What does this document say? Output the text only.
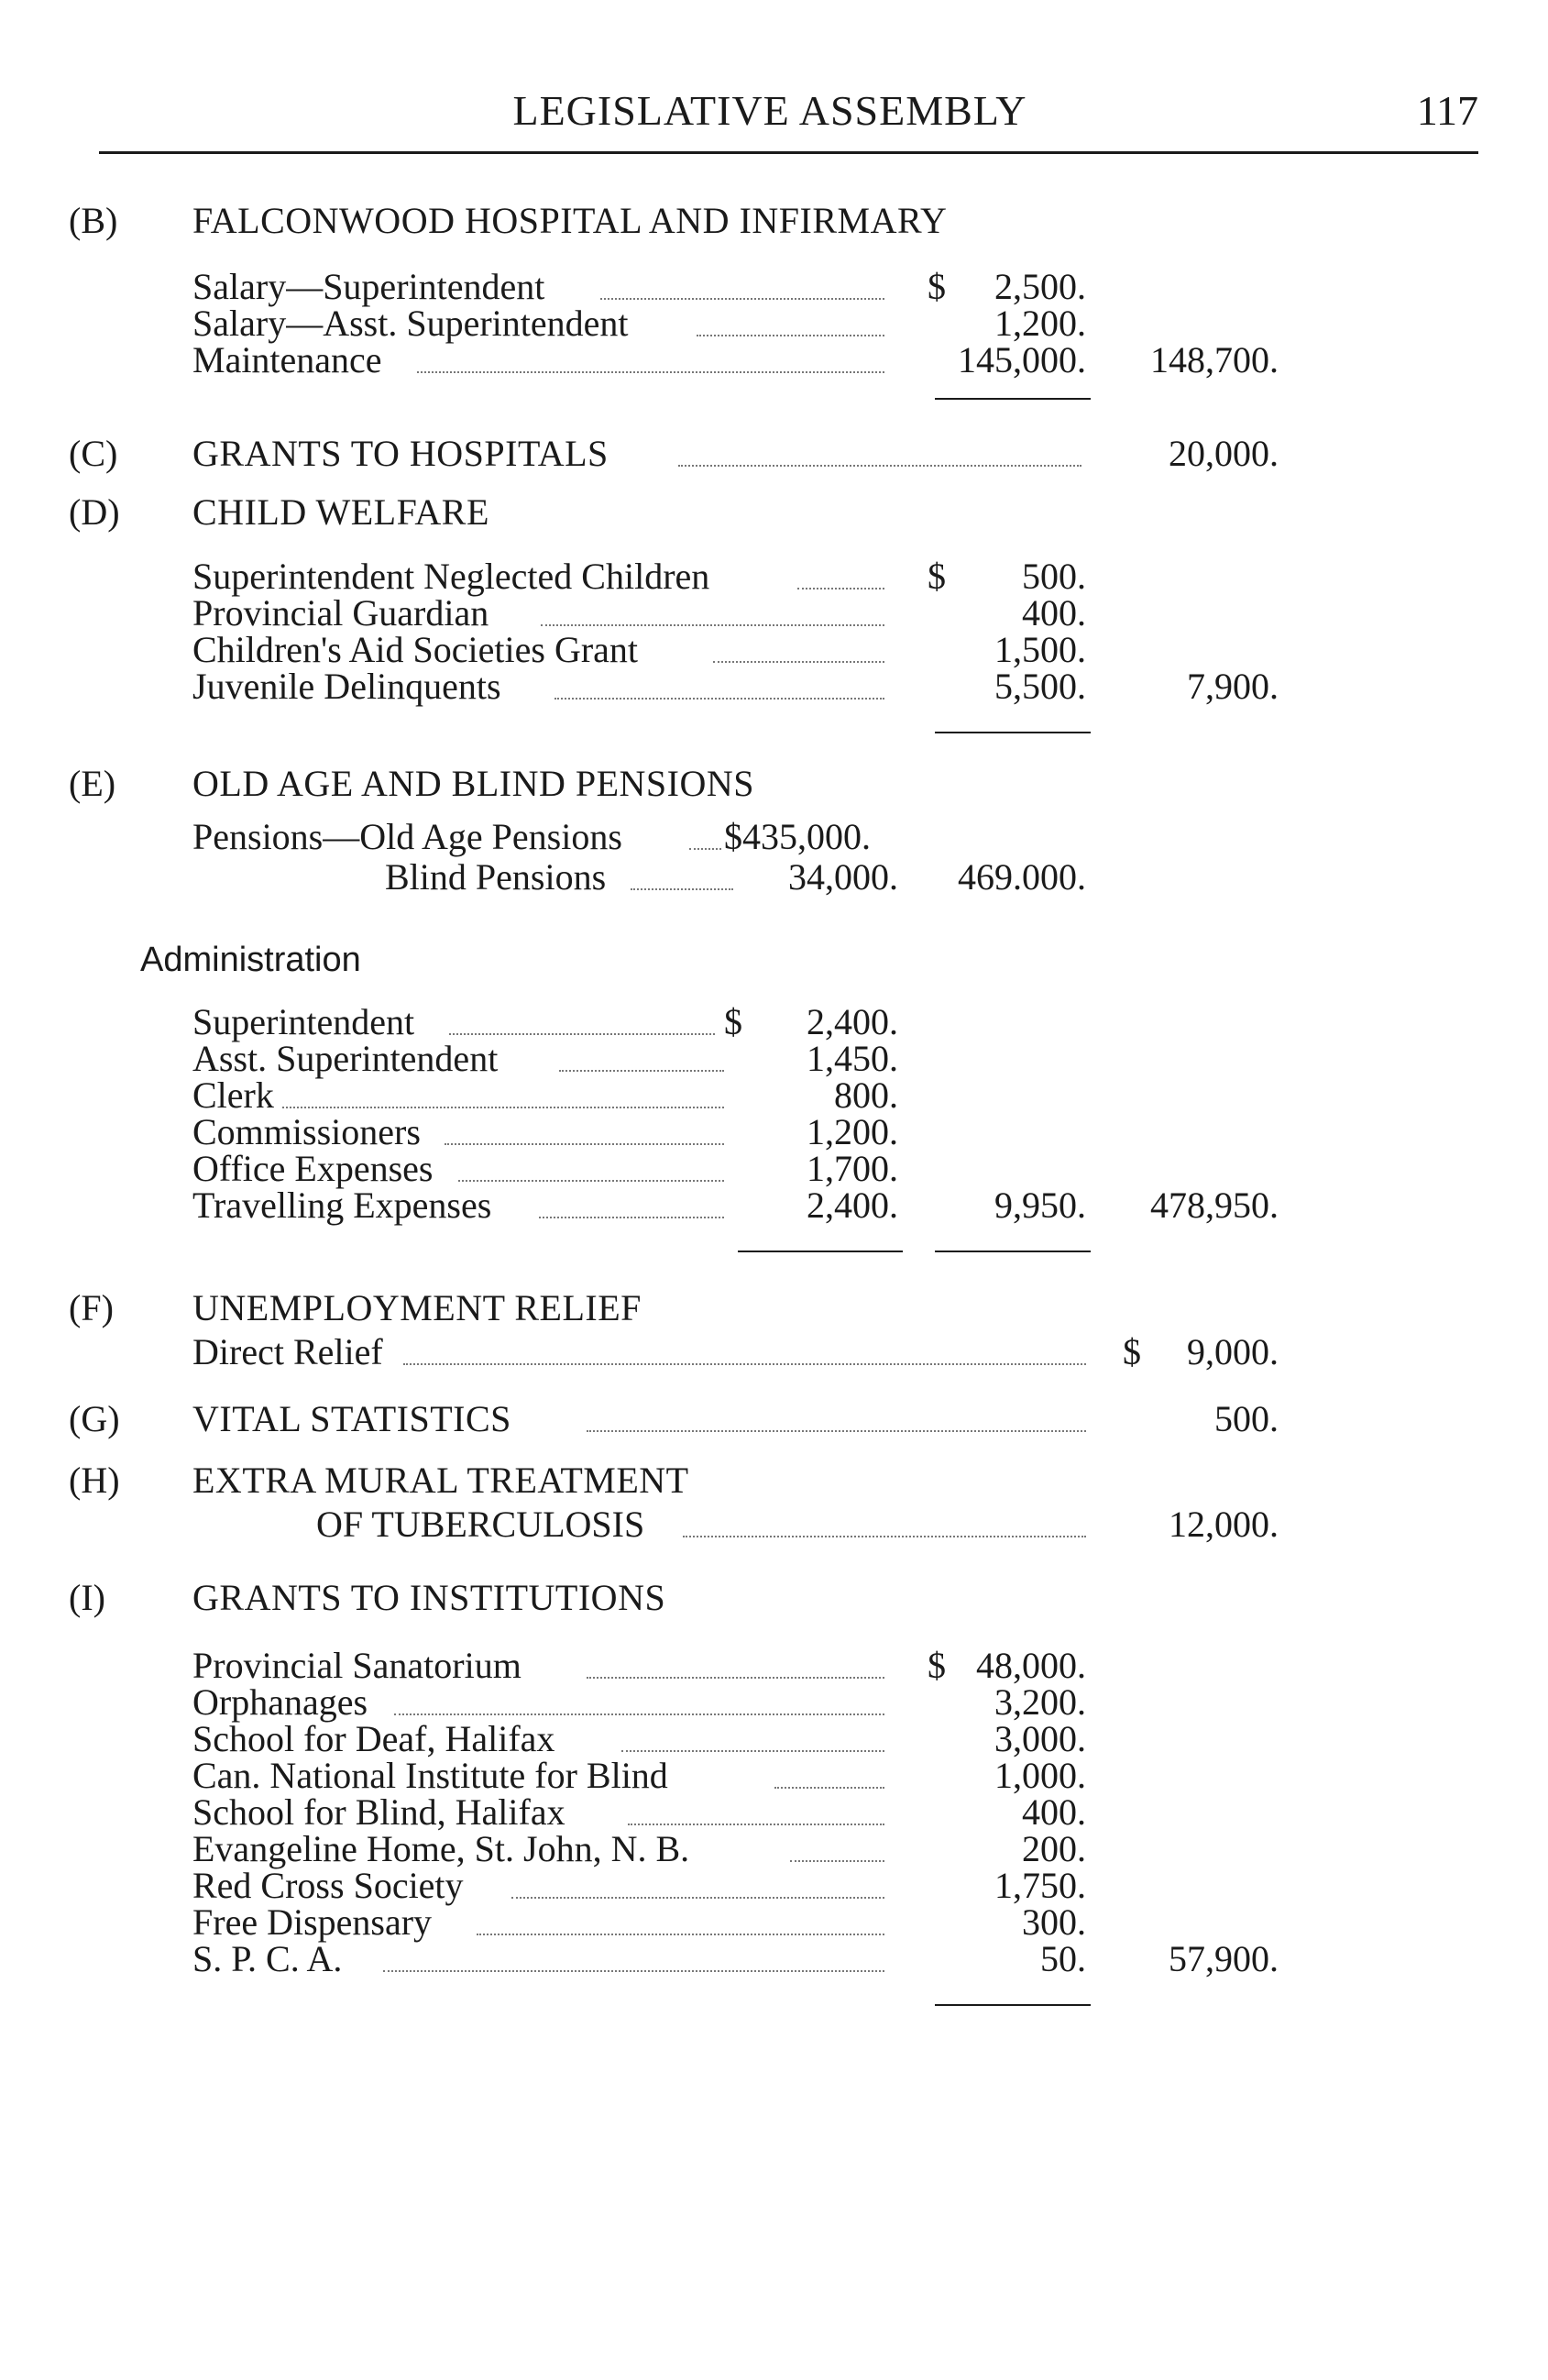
LEGISLATIVE ASSEMBLY	117
(B)	FALCONWOOD HOSPITAL AND INFIRMARY
Salary—Superintendent	$	2,500.
Salary—Asst. Superintendent	1,200.
Maintenance	145,000.	148,700.
(C)	GRANTS TO HOSPITALS	20,000.
(D)	CHILD WELFARE
Superintendent Neglected Children	$	500.
Provincial Guardian	400.
Children's Aid Societies Grant	1,500.
Juvenile Delinquents	5,500.	7,900.
(E)	OLD AGE AND BLIND PENSIONS
Pensions—Old Age Pensions	$435,000.
Blind Pensions	34,000.	469.000.
Administration
Superintendent	$	2,400.
Asst. Superintendent	1,450.
Clerk	800.
Commissioners	1,200.
Office Expenses	1,700.
Travelling Expenses	2,400.	9,950.	478,950.
(F)	UNEMPLOYMENT RELIEF
Direct Relief	$	9,000.
(G)	VITAL STATISTICS	500.
(H)	EXTRA MURAL TREATMENT
OF TUBERCULOSIS	12,000.
(I)	GRANTS TO INSTITUTIONS
Provincial Sanatorium	$ 48,000.
Orphanages	3,200.
School for Deaf, Halifax	3,000.
Can. National Institute for Blind	1,000.
School for Blind, Halifax	400.
Evangeline Home, St. John, N. B.	200.
Red Cross Society	1,750.
Free Dispensary	300.
S. P. C. A.	50.	57,900.
